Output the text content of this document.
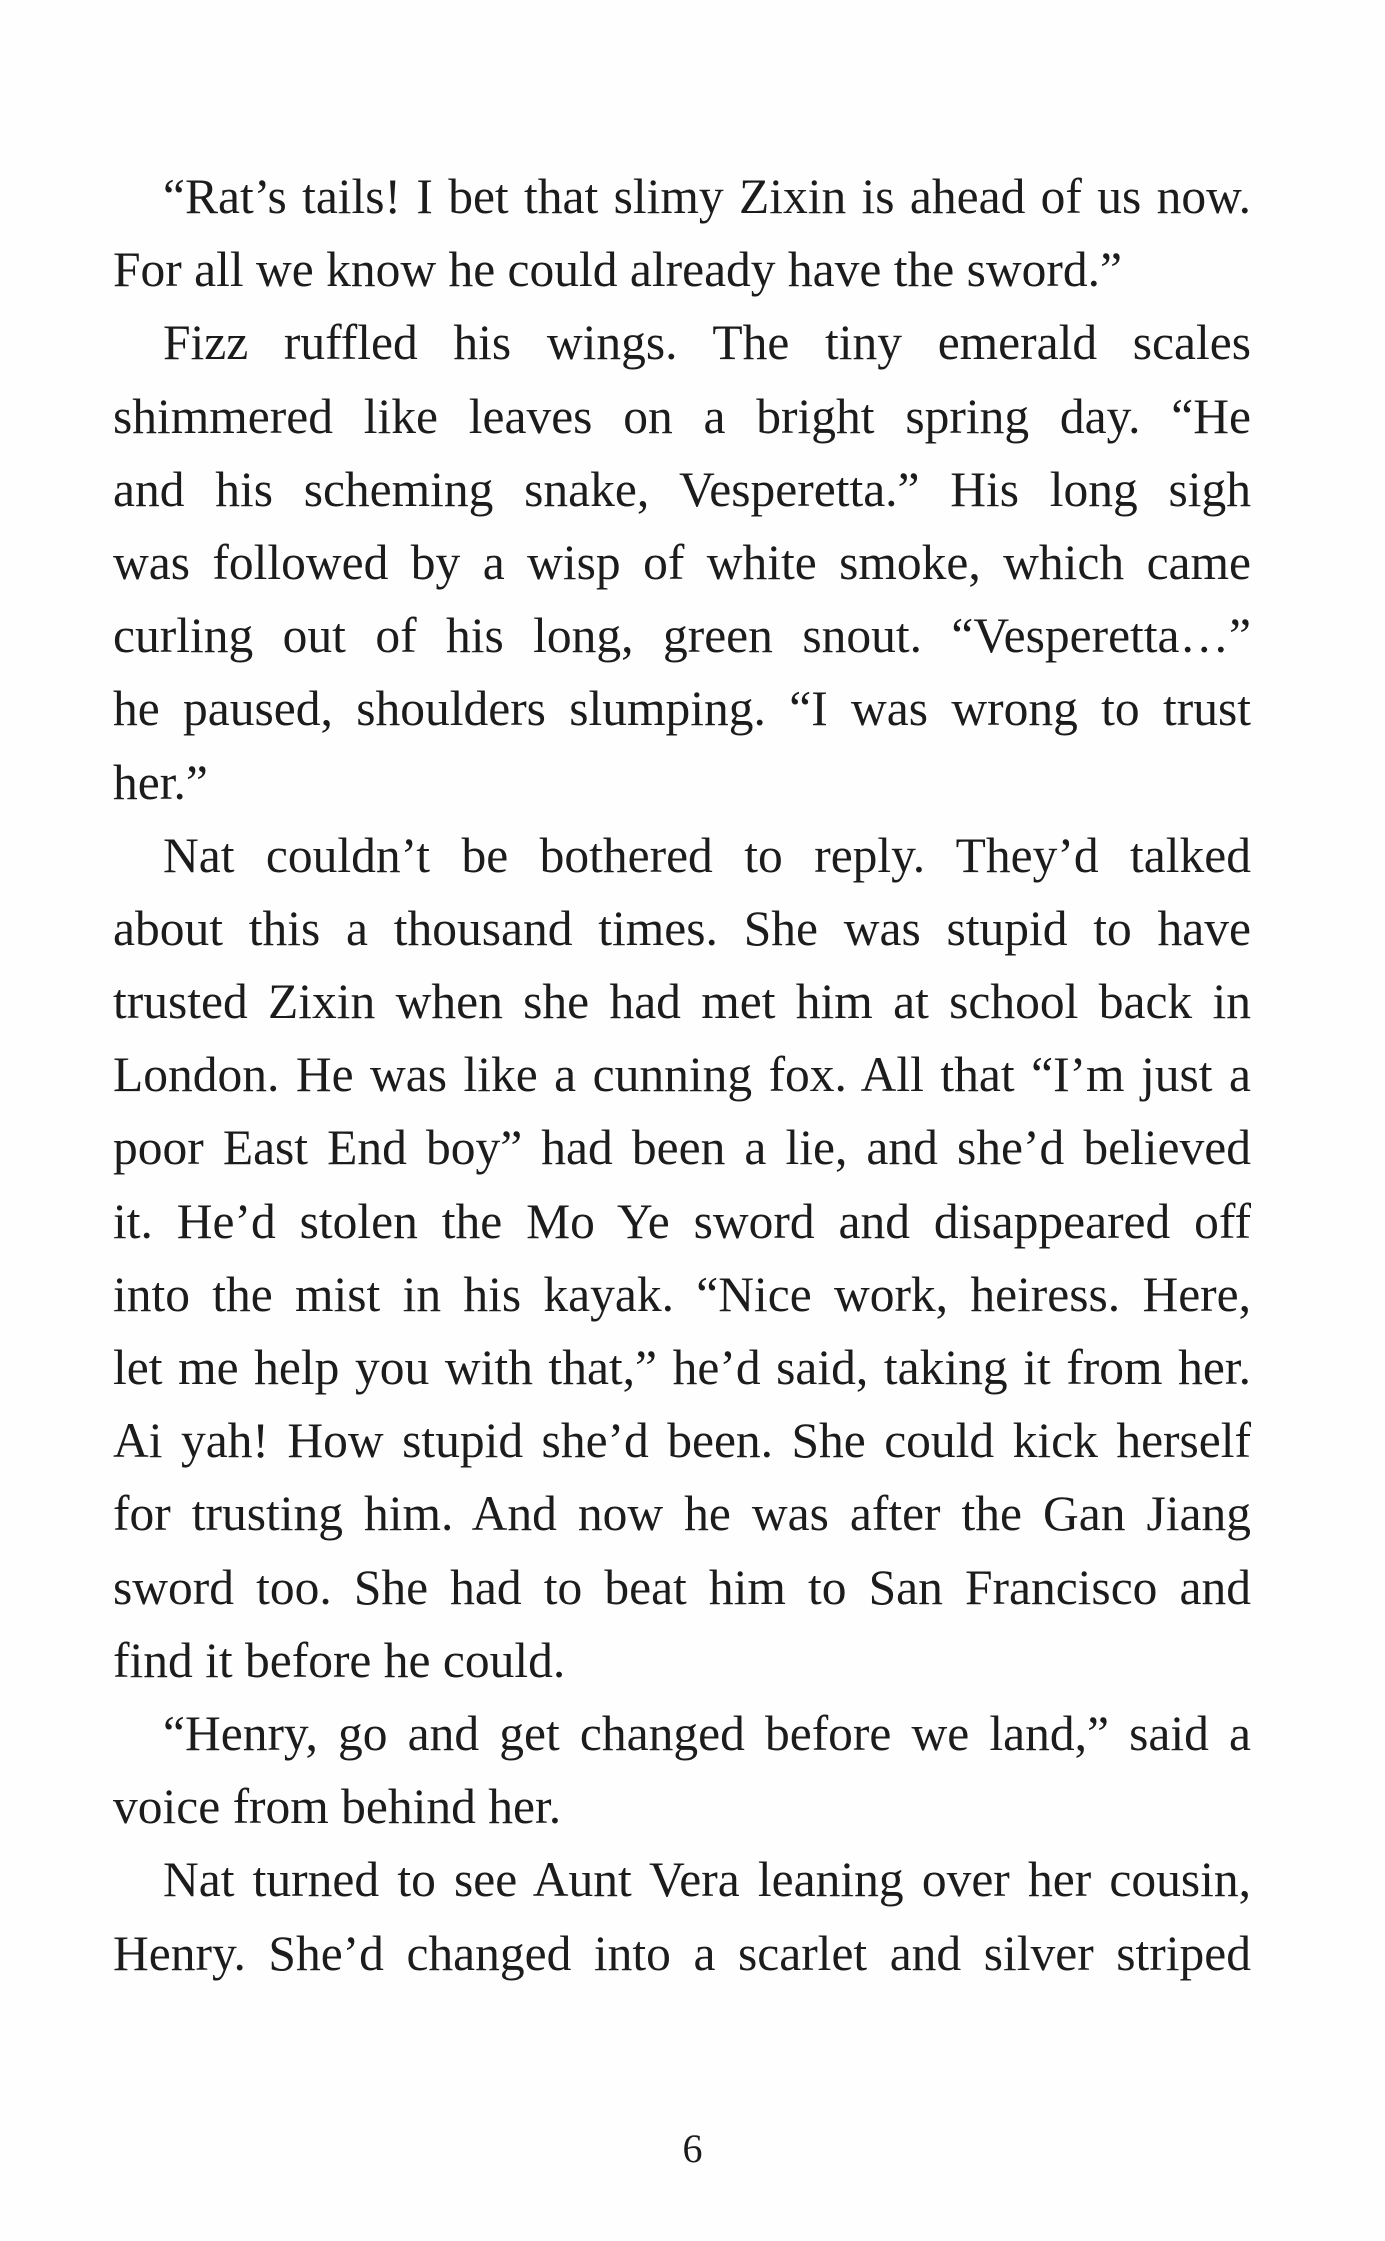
“Rat’s tails! I bet that slimy Zixin is ahead of us now.
For all we know he could already have the sword.”
Fizz ruffled his wings. The tiny emerald scales
shimmered like leaves on a bright spring day. “He
and his scheming snake, Vesperetta.” His long sigh
was followed by a wisp of white smoke, which came
curling out of his long, green snout. “Vesperetta…”
he paused, shoulders slumping. “I was wrong to trust
her.”
Nat couldn’t be bothered to reply. They’d talked
about this a thousand times. She was stupid to have
trusted Zixin when she had met him at school back in
London. He was like a cunning fox. All that “I’m just a
poor East End boy” had been a lie, and she’d believed
it. He’d stolen the Mo Ye sword and disappeared off
into the mist in his kayak. “Nice work, heiress. Here,
let me help you with that,” he’d said, taking it from her.
Ai yah! How stupid she’d been. She could kick herself
for trusting him. And now he was after the Gan Jiang
sword too. She had to beat him to San Francisco and
find it before he could.
“Henry, go and get changed before we land,” said a
voice from behind her.
Nat turned to see Aunt Vera leaning over her cousin,
Henry. She’d changed into a scarlet and silver striped
6
